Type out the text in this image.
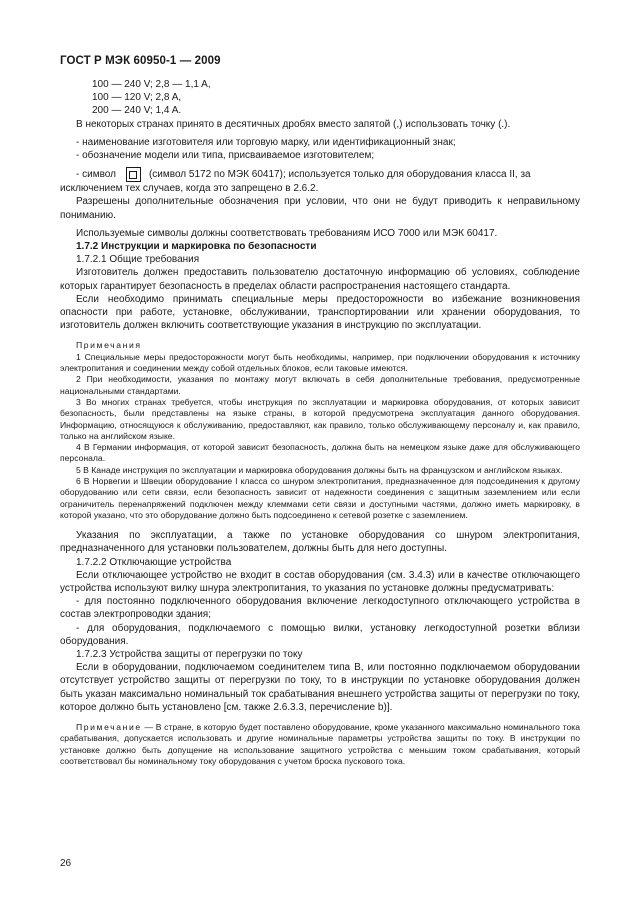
ГОСТ Р МЭК 60950-1 — 2009

100 — 240 V; 2,8 — 1,1 A,

100 — 120 V; 2,8 A,

200 — 240 V; 1,4 A.

В некоторых странах принято в десятичных дробях вместо запятой (,) использовать точку (.).

- наименование изготовителя или торговую марку, или идентификационный знак;

- обозначение модели или типа, присваиваемое изготовителем;

- символ	(символ 5172 по МЭК 60417); используется только для оборудования класса II, за

исключением тех случаев, когда это запрещено в 2.6.2.

Разрешены дополнительные обозначения при условии, что они не будут приводить к неправильному пониманию.

Используемые символы должны соответствовать требованиям ИСО 7000 или МЭК 60417.

1.7.2 Инструкции и маркировка по безопасности

1.7.2.1 Общие требования

Изготовитель должен предоставить пользователю достаточную информацию об условиях, соблюдение которых гарантирует безопасность в пределах области распространения настоящего стандарта.

Если необходимо принимать специальные меры предосторожности во избежание возникновения опасности при работе, установке, обслуживании, транспортировании или хранении оборудования, то изготовитель должен включить соответствующие указания в инструкцию по эксплуатации.

Примечания

1 Специальные меры предосторожности могут быть необходимы, например, при подключении оборудования к источнику электропитания и соединении между собой отдельных блоков, если таковые имеются.

2 При необходимости, указания по монтажу могут включать в себя дополнительные требования, предусмотренные национальными стандартами.

3 Во многих странах требуется, чтобы инструкция по эксплуатации и маркировка оборудования, от которых зависит безопасность, были представлены на языке страны, в которой предусмотрена эксплуатация данного оборудования. Информацию, относящуюся к обслуживанию, предоставляют, как правило, только обслуживающему персоналу и, как правило, только на английском языке.

4 В Германии информация, от которой зависит безопасность, должна быть на немецком языке даже для обслуживающего персонала.

5 В Канаде инструкция по эксплуатации и маркировка оборудования должны быть на французском и английском языках.

6 В Норвегии и Швеции оборудование I класса со шнуром электропитания, предназначенное для подсоединения к другому оборудованию или сети связи, если безопасность зависит от надежности соединения с защитным заземлением или если ограничитель перенапряжений подключен между клеммами сети связи и доступными частями, должно иметь маркировку, в которой указано, что это оборудование должно быть подсоединено к сетевой розетке с заземлением.

Указания по эксплуатации, а также по установке оборудования со шнуром электропитания, предназначенного для установки пользователем, должны быть для него доступны.

1.7.2.2 Отключающие устройства

Если отключающее устройство не входит в состав оборудования (см. 3.4.3) или в качестве отключающего устройства используют вилку шнура электропитания, то указания по установке должны предусматривать:

- для постоянно подключенного оборудования включение легкодоступного отключающего устройства в состав электропроводки здания;

- для оборудования, подключаемого с помощью вилки, установку легкодоступной розетки вблизи оборудования.

1.7.2.3 Устройства защиты от перегрузки по току

Если в оборудовании, подключаемом соединителем типа В, или постоянно подключаемом оборудовании отсутствует устройство защиты от перегрузки по току, то в инструкции по установке оборудования должен быть указан максимально номинальный ток срабатывания внешнего устройства защиты от перегрузки по току, которое должно быть установлено [см. также 2.6.3.3, перечисление b)].

Примечание — В стране, в которую будет поставлено оборудование, кроме указанного максимально номинального тока срабатывания, допускается использовать и другие номинальные параметры устройства защиты по току. В инструкции по установке должно быть допущение на использование защитного устройства с меньшим током срабатывания, который соответствовал бы номинальному току оборудования с учетом броска пускового тока.

26
